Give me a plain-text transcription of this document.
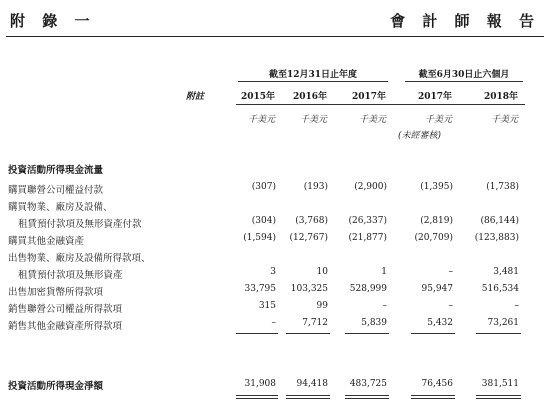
附 錄 一	會 計 師 報 告
截至12月31日止年度	截至6月30日止六個月
附註	2015年	2016年	2017年	2017年	2018年
千美元	千美元	千美元	千美元	千美元
(未經審核)
投資活動所得現金流量
購買聯營公司權益付款	(307)	(193)	(2,900)	(1,395)	(1,738)
購買物業、廠房及設備、
租賃預付款項及無形資產付款	(304)	(3,768)	(26,337)	(2,819)	(86,144)
購買其他金融資產	(1,594)	(12,767)	(21,877)	(20,709)	(123,883)
出售物業、廠房及設備所得款項、
租賃預付款項及無形資產	3	10	1	–	3,481
出售加密貨幣所得款項	33,795	103,325	528,999	95,947	516,534
銷售聯營公司權益所得款項	315	99	–	–	–
銷售其他金融資產所得款項	–	7,712	5,839	5,432	73,261
投資活動所得現金淨額	31,908	94,418	483,725	76,456	381,511
